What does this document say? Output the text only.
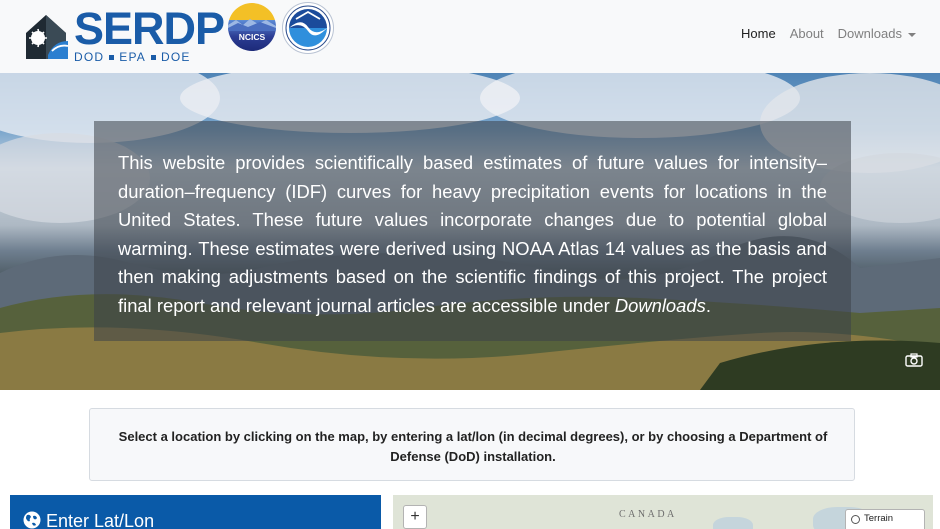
SERDP
DOD EPA DOE
NCICS	Home About Downloads

This website provides scientifically based estimates of future values for intensity–duration–frequency (IDF) curves for heavy precipitation events for locations in the United States. These future values incorporate changes due to potential global warming. These estimates were derived using NOAA Atlas 14 values as the basis and then making adjustments based on the scientific findings of this project. The project final report and relevant journal articles are accessible under Downloads.

Select a location by clicking on the map, by entering a lat/lon (in decimal degrees), or by choosing a Department of Defense (DoD) installation.

Enter Lat/Lon	CANADA
+	Terrain
